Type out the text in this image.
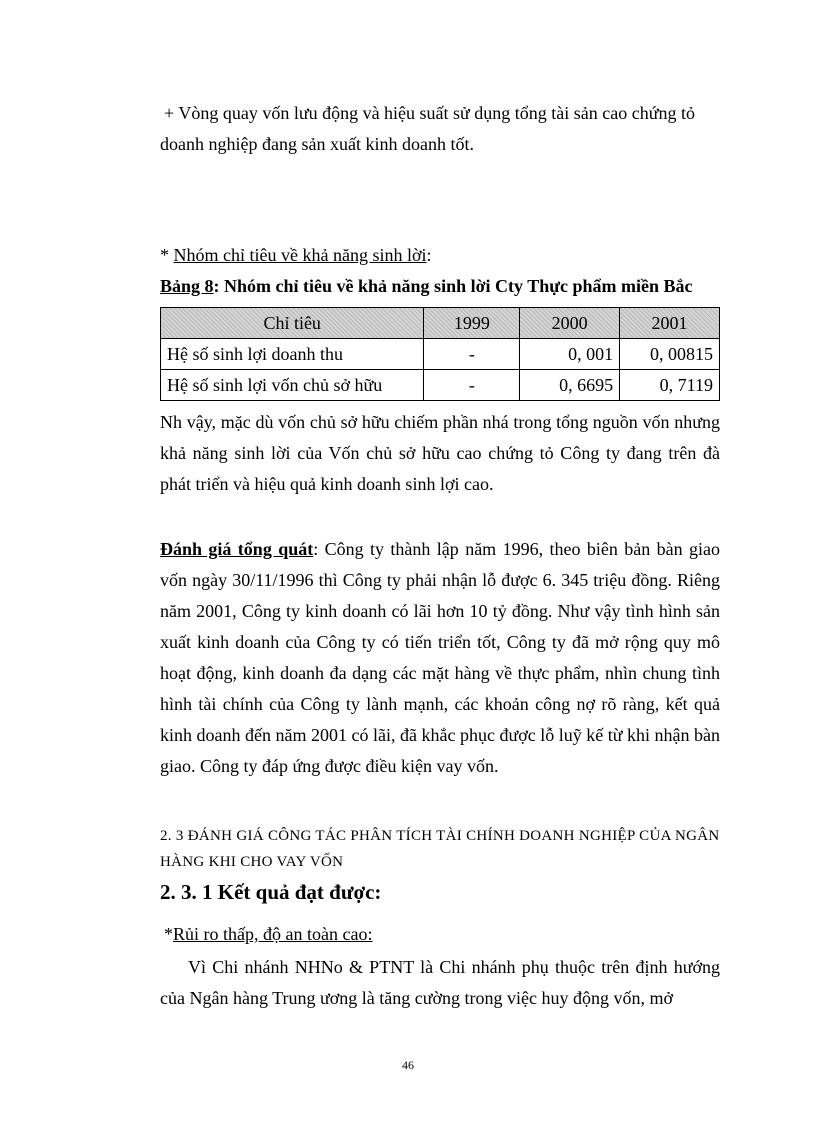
+ Vòng quay vốn lưu động và hiệu suất sử dụng tổng tài sản cao chứng tỏ
doanh nghiệp đang sản xuất kinh doanh tốt.
* Nhóm chỉ tiêu về khả năng sinh lời:
Bảng 8: Nhóm chỉ tiêu về khả năng sinh lời Cty Thực phẩm miền Bắc
Chỉ tiêu	1999	2000	2001
Hệ số sinh lợi doanh thu	-	0, 001	0, 00815
Hệ số sinh lợi vốn chủ sở hữu	-	0, 6695	0, 7119
Nh vậy, mặc dù vốn chủ sở hữu chiếm phần nhá trong tổng nguồn vốn nhưng khả năng sinh lời của Vốn chủ sở hữu cao chứng tỏ Công ty đang trên đà phát triển và hiệu quả kinh doanh sinh lợi cao.
Đánh giá tổng quát: Công ty thành lập năm 1996, theo biên bản bàn giao vốn ngày 30/11/1996 thì Công ty phải nhận lỗ được 6. 345 triệu đồng. Riêng năm 2001, Công ty kinh doanh có lãi hơn 10 tỷ đồng. Như vậy tình hình sản xuất kinh doanh của Công ty có tiến triển tốt, Công ty đã mở rộng quy mô hoạt động, kinh doanh đa dạng các mặt hàng về thực phẩm, nhìn chung tình hình tài chính của Công ty lành mạnh, các khoản công nợ rõ ràng, kết quả kinh doanh đến năm 2001 có lãi, đã khắc phục được lỗ luỹ kế từ khi nhận bàn giao. Công ty đáp ứng được điều kiện vay vốn.
2. 3 ĐÁNH GIÁ CÔNG TÁC PHÂN TÍCH TÀI CHÍNH DOANH NGHIỆP CỦA NGÂN HÀNG KHI CHO VAY VỐN
2. 3. 1 Kết quả đạt được:
*Rủi ro thấp, độ an toàn cao:
Vì Chi nhánh NHNo & PTNT là Chi nhánh phụ thuộc trên định hướng của Ngân hàng Trung ương là tăng cường trong việc huy động vốn, mở
46
